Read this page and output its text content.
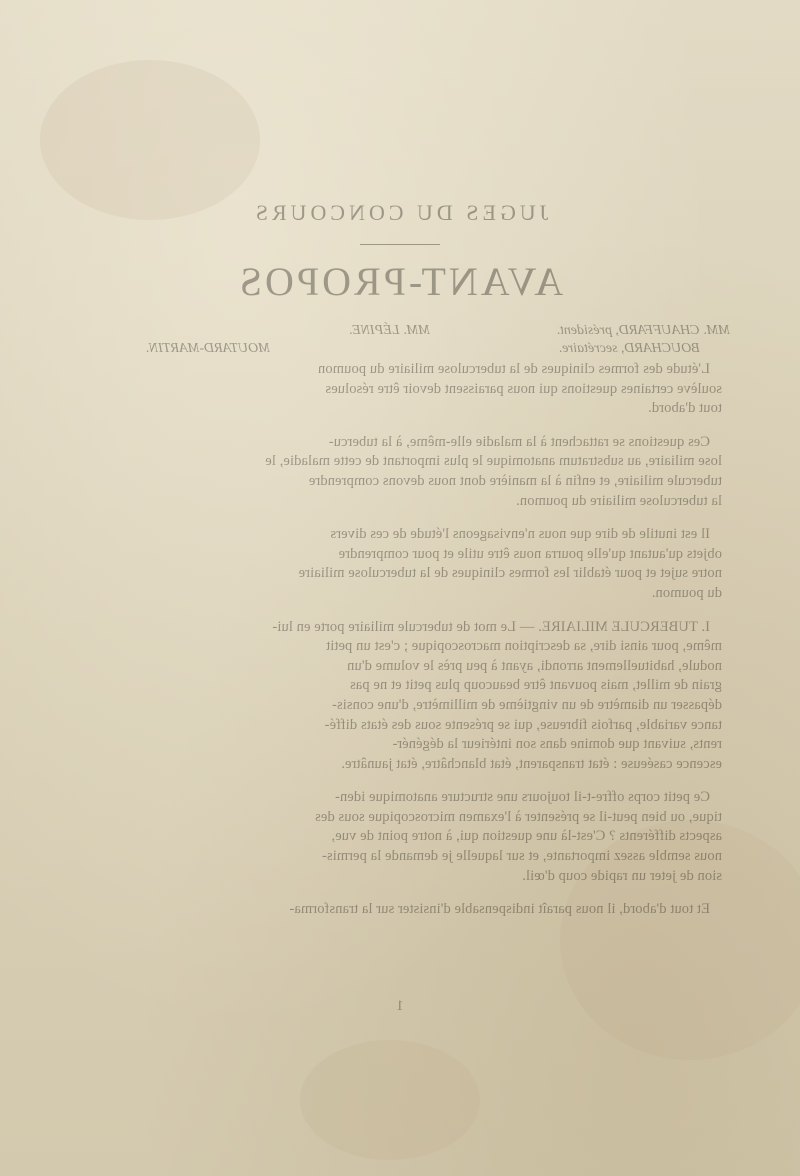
JUGES DU CONCOURS
AVANT-PROPOS
MM. CHAUFFARD, président.MM. LÉPINE.
BOUCHARD, secrétaire.MOUTARD-MARTIN.
L'étude des formes cliniques de la tuberculose miliaire du poumon
soulève certaines questions qui nous paraissent devoir être résolues
tout d'abord.
Ces questions se rattachent à la maladie elle-même, à la tubercu-
lose miliaire, au substratum anatomique le plus important de cette maladie, le
tubercule miliaire, et enfin à la manière dont nous devons comprendre
la tuberculose miliaire du poumon.
Il est inutile de dire que nous n'envisageons l'étude de ces divers
objets qu'autant qu'elle pourra nous être utile et pour comprendre
notre sujet et pour établir les formes cliniques de la tuberculose miliaire
du poumon.
I. TUBERCULE MILIAIRE. — Le mot de tubercule miliaire porte en lui-
même, pour ainsi dire, sa description macroscopique ; c'est un petit
nodule, habituellement arrondi, ayant à peu près le volume d'un
grain de millet, mais pouvant être beaucoup plus petit et ne pas
dépasser un diamètre de un vingtième de millimètre, d'une consis-
tance variable, parfois fibreuse, qui se présente sous des états diffé-
rents, suivant que domine dans son intérieur la dégénér-
escence caséeuse : état transparent, état blanchâtre, état jaunâtre.
Ce petit corps offre-t-il toujours une structure anatomique iden-
tique, ou bien peut-il se présenter à l'examen microscopique sous des
aspects différents ? C'est-là une question qui, à notre point de vue,
nous semble assez importante, et sur laquelle je demande la permis-
sion de jeter un rapide coup d'œil.
Et tout d'abord, il nous paraît indispensable d'insister sur la transforma-
1
